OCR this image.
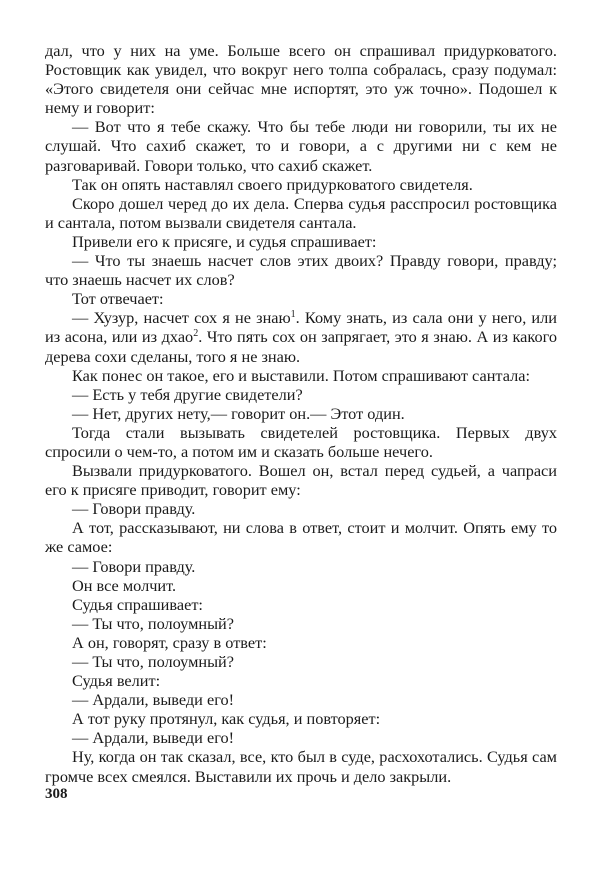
дал, что у них на уме. Больше всего он спрашивал придурковатого. Ростовщик как увидел, что вокруг него толпа собралась, сразу подумал: «Этого свидетеля они сейчас мне испортят, это уж точно». Подошел к нему и говорит:

— Вот что я тебе скажу. Что бы тебе люди ни говорили, ты их не слушай. Что сахиб скажет, то и говори, а с другими ни с кем не разговаривай. Говори только, что сахиб скажет.

Так он опять наставлял своего придурковатого свидетеля.

Скоро дошел черед до их дела. Сперва судья расспросил ростовщика и сантала, потом вызвали свидетеля сантала.

Привели его к присяге, и судья спрашивает:

— Что ты знаешь насчет слов этих двоих? Правду говори, правду; что знаешь насчет их слов?

Тот отвечает:

— Хузур, насчет сох я не знаю$^1$. Кому знать, из сала они у него, или из асона, или из дхао$^2$. Что пять сох он запрягает, это я знаю. А из какого дерева сохи сделаны, того я не знаю.

Как понес он такое, его и выставили. Потом спрашивают сантала:

— Есть у тебя другие свидетели?

— Нет, других нету,— говорит он.— Этот один.

Тогда стали вызывать свидетелей ростовщика. Первых двух спросили о чем-то, а потом им и сказать больше нечего.

Вызвали придурковатого. Вошел он, встал перед судьей, а чапраси его к присяге приводит, говорит ему:

— Говори правду.

А тот, рассказывают, ни слова в ответ, стоит и молчит. Опять ему то же самое:

— Говори правду.

Он все молчит.

Судья спрашивает:

— Ты что, полоумный?

А он, говорят, сразу в ответ:

— Ты что, полоумный?

Судья велит:

— Ардали, выведи его!

А тот руку протянул, как судья, и повторяет:

— Ардали, выведи его!

Ну, когда он так сказал, все, кто был в суде, расхохотались. Судья сам громче всех смеялся. Выставили их прочь и дело закрыли.

308
